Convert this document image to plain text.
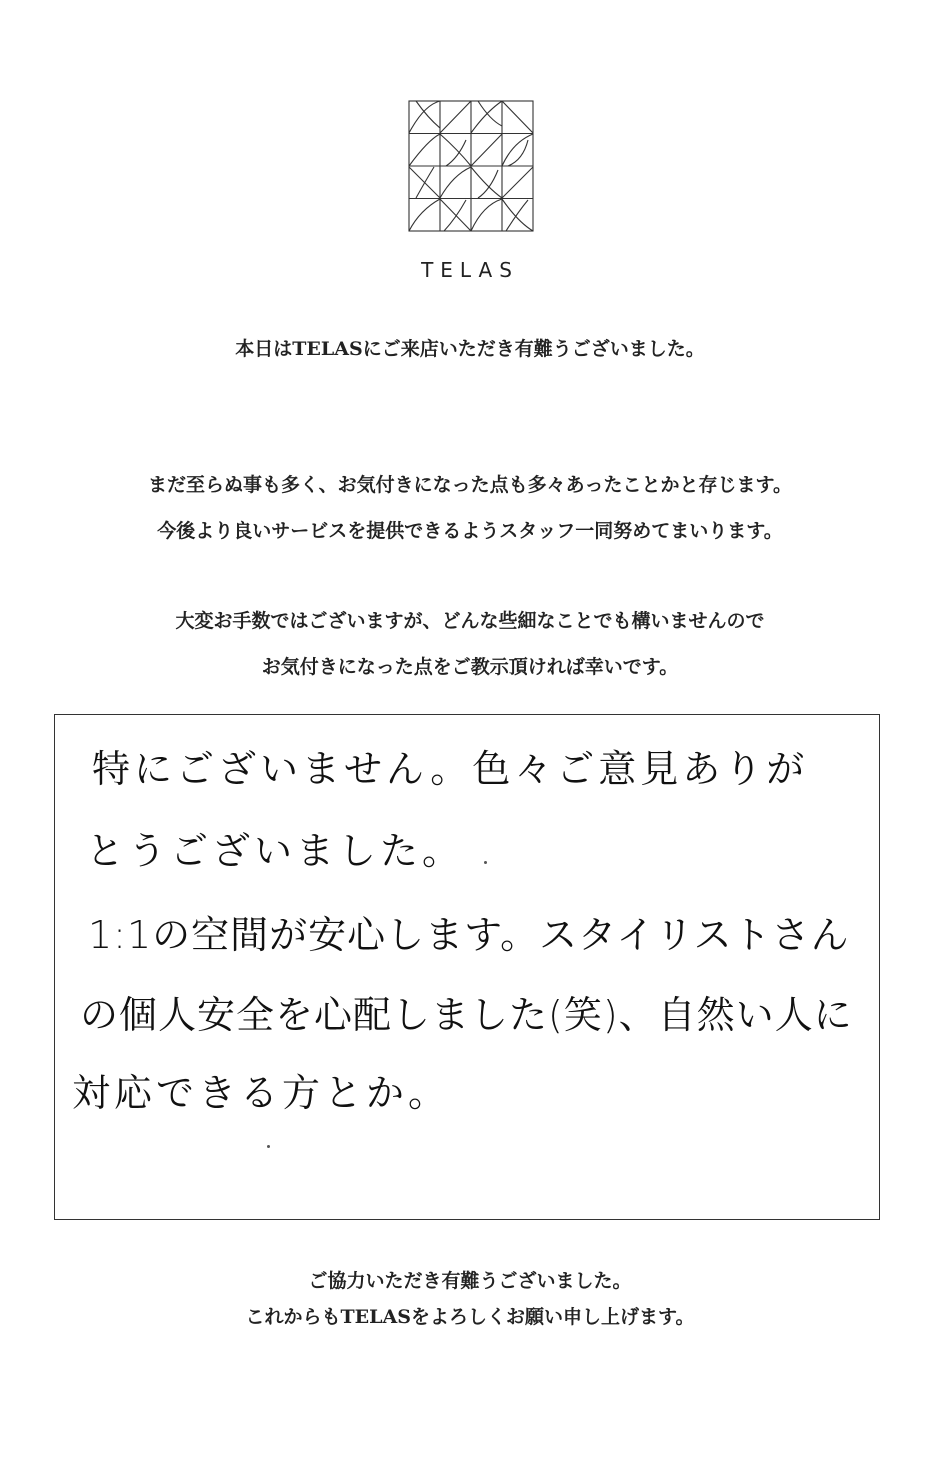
TELAS
本日はTELASにご来店いただき有難うございました。
まだ至らぬ事も多く、お気付きになった点も多々あったことかと存じます。
今後より良いサービスを提供できるようスタッフ一同努めてまいります。
大変お手数ではございますが、どんな些細なことでも構いませんので
お気付きになった点をご教示頂ければ幸いです。
特にございません。色々ご意見ありが
とうございました。
1:1の空間が安心します。スタイリストさん
の個人安全を心配しました(笑)、自然い人に
対応できる方とか。
ご協力いただき有難うございました。
これからもTELASをよろしくお願い申し上げます。
